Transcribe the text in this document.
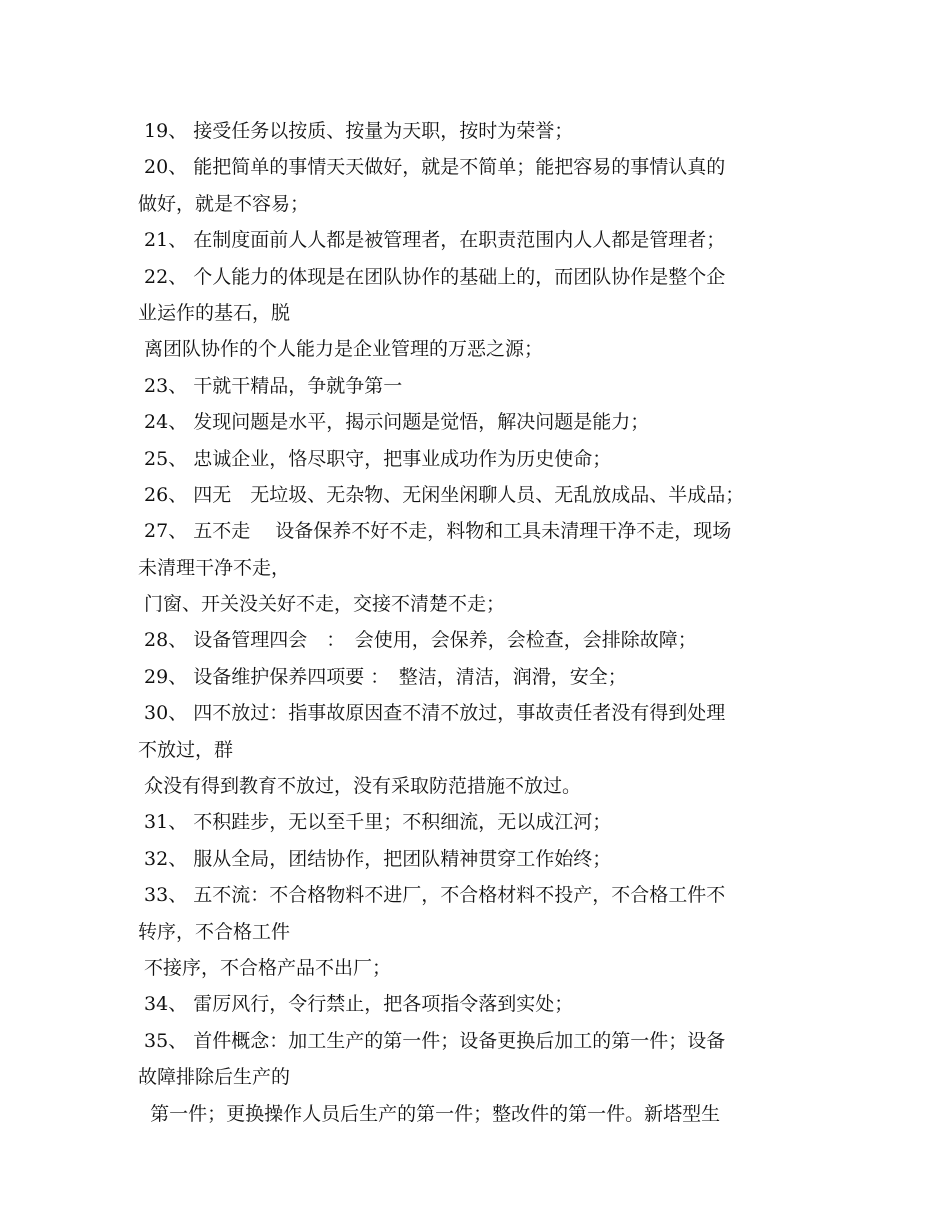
19、 接受任务以按质、按量为天职，按时为荣誉；
20、 能把简单的事情天天做好，就是不简单；能把容易的事情认真的
做好，就是不容易；
21、 在制度面前人人都是被管理者，在职责范围内人人都是管理者；
22、 个人能力的体现是在团队协作的基础上的，而团队协作是整个企
业运作的基石，脱
离团队协作的个人能力是企业管理的万恶之源；
23、 干就干精品，争就争第一
24、 发现问题是水平，揭示问题是觉悟，解决问题是能力；
25、 忠诚企业，恪尽职守，把事业成功作为历史使命；
26、 四无　无垃圾、无杂物、无闲坐闲聊人员、无乱放成品、半成品；
27、 五不走　 设备保养不好不走，料物和工具未清理干净不走，现场
未清理干净不走，
门窗、开关没关好不走，交接不清楚不走；
28、 设备管理四会　：　会使用，会保养，会检查，会排除故障；
29、 设备维护保养四项要 ：　整洁，清洁，润滑，安全；
30、 四不放过：指事故原因查不清不放过，事故责任者没有得到处理
不放过，群
众没有得到教育不放过，没有采取防范措施不放过。
31、 不积跬步，无以至千里；不积细流，无以成江河；
32、 服从全局，团结协作，把团队精神贯穿工作始终；
33、 五不流：不合格物料不进厂，不合格材料不投产，不合格工件不
转序，不合格工件
不接序，不合格产品不出厂；
34、 雷厉风行，令行禁止，把各项指令落到实处；
35、 首件概念：加工生产的第一件；设备更换后加工的第一件；设备
故障排除后生产的
第一件；更换操作人员后生产的第一件；整改件的第一件。新塔型生
